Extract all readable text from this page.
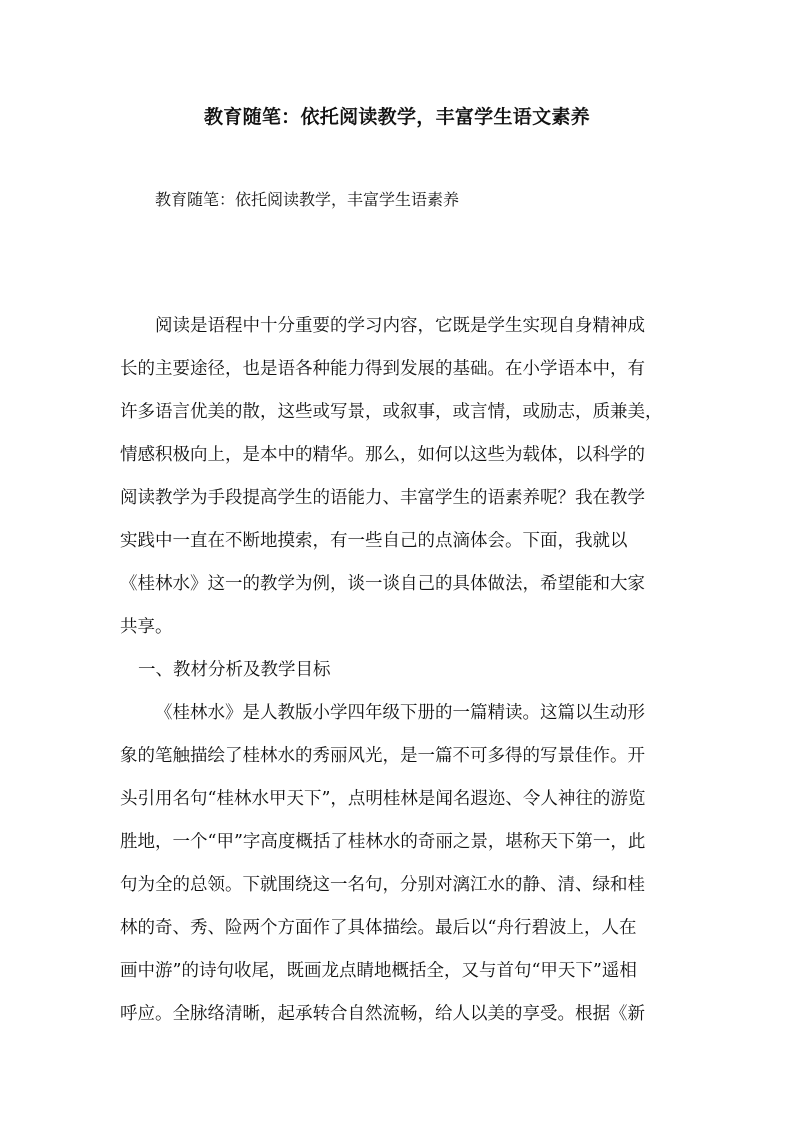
教育随笔：依托阅读教学，丰富学生语文素养

教育随笔：依托阅读教学，丰富学生语素养

阅读是语程中十分重要的学习内容，它既是学生实现自身精神成

长的主要途径，也是语各种能力得到发展的基础。在小学语本中，有

许多语言优美的散，这些或写景，或叙事，或言情，或励志，质兼美，

情感积极向上，是本中的精华。那么，如何以这些为载体，以科学的

阅读教学为手段提高学生的语能力、丰富学生的语素养呢？我在教学

实践中一直在不断地摸索，有一些自己的点滴体会。下面，我就以

《桂林水》这一的教学为例，谈一谈自己的具体做法，希望能和大家

共享。

一、教材分析及教学目标

《桂林水》是人教版小学四年级下册的一篇精读。这篇以生动形

象的笔触描绘了桂林水的秀丽风光，是一篇不可多得的写景佳作。开

头引用名句“桂林水甲天下”，点明桂林是闻名遐迩、令人神往的游览

胜地，一个“甲”字高度概括了桂林水的奇丽之景，堪称天下第一，此

句为全的总领。下就围绕这一名句，分别对漓江水的静、清、绿和桂

林的奇、秀、险两个方面作了具体描绘。最后以“舟行碧波上，人在

画中游”的诗句收尾，既画龙点睛地概括全，又与首句“甲天下”遥相

呼应。全脉络清晰，起承转合自然流畅，给人以美的享受。根据《新
